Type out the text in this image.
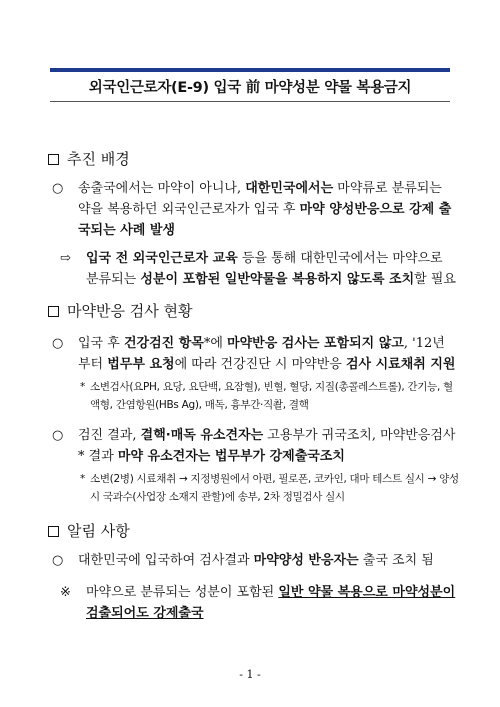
외국인근로자(E-9) 입국 前 마약성분 약물 복용금지
추진 배경
○ 송출국에서는 마약이 아니나, 대한민국에서는 마약류로 분류되는 약을 복용하던 외국인근로자가 입국 후 마약 양성반응으로 강제 출국되는 사례 발생
⇨ 입국 전 외국인근로자 교육 등을 통해 대한민국에서는 마약으로 분류되는 성분이 포함된 일반약물을 복용하지 않도록 조치할 필요
마약반응 검사 현황
○ 입국 후 건강검진 항목*에 마약반응 검사는 포함되지 않고, '12년부터 법무부 요청에 따라 건강진단 시 마약반응 검사 시료채취 지원
* 소변검사(요PH, 요당, 요단백, 요잠혈), 빈혈, 혈당, 지질(총콜레스트롤), 간기능, 혈액형, 간염항원(HBs Ag), 매독, 흉부간·직촬, 결핵
○ 검진 결과, 결핵·매독 유소견자는 고용부가 귀국조치, 마약반응검사* 결과 마약 유소견자는 법무부가 강제출국조치
* 소변(2병) 시료채취 → 지정병원에서 아편, 필로폰, 코카인, 대마 테스트 실시 → 양성시 국과수(사업장 소재지 관할)에 송부, 2차 정밀검사 실시
알림 사항
○ 대한민국에 입국하여 검사결과 마약양성 반응자는 출국 조치 됨
※ 마약으로 분류되는 성분이 포함된 일반 약물 복용으로 마약성분이 검출되어도 강제출국
- 1 -
